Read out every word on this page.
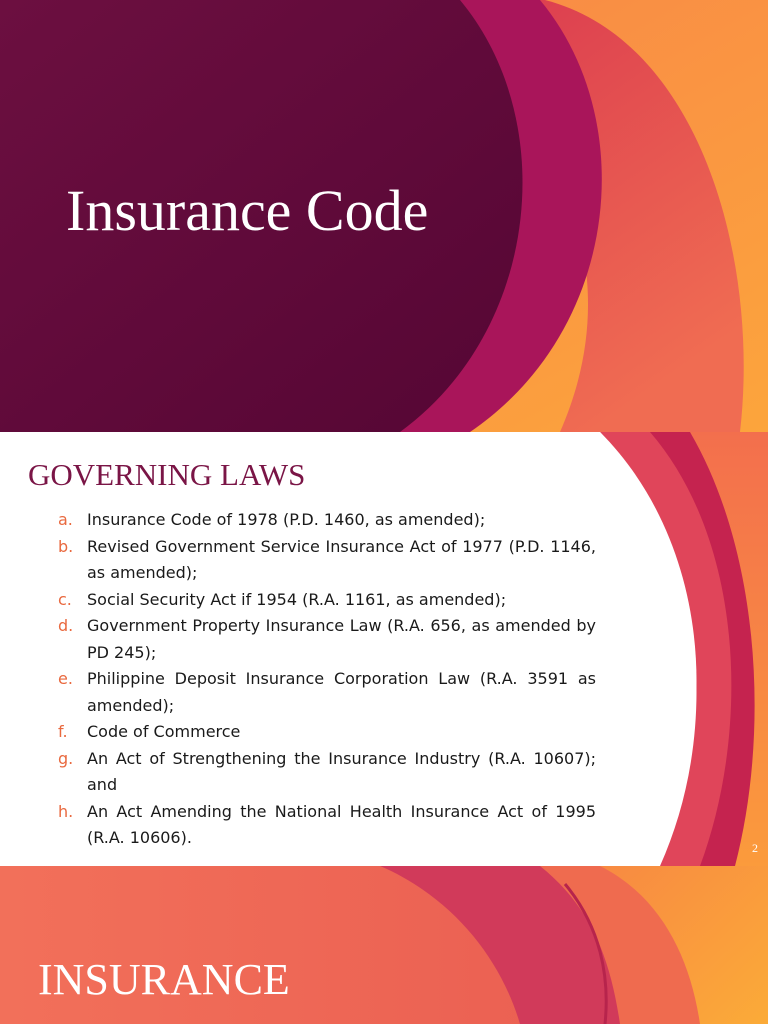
Insurance Code
GOVERNING LAWS
a. Insurance Code of 1978 (P.D. 1460, as amended);
b. Revised Government Service Insurance Act of 1977 (P.D. 1146, as amended);
c. Social Security Act if 1954 (R.A. 1161, as amended);
d. Government Property Insurance Law (R.A. 656, as amended by PD 245);
e. Philippine Deposit Insurance Corporation Law (R.A. 3591 as amended);
f. Code of Commerce
g. An Act of Strengthening the Insurance Industry (R.A. 10607); and
h. An Act Amending the National Health Insurance Act of 1995 (R.A. 10606).
2
INSURANCE
